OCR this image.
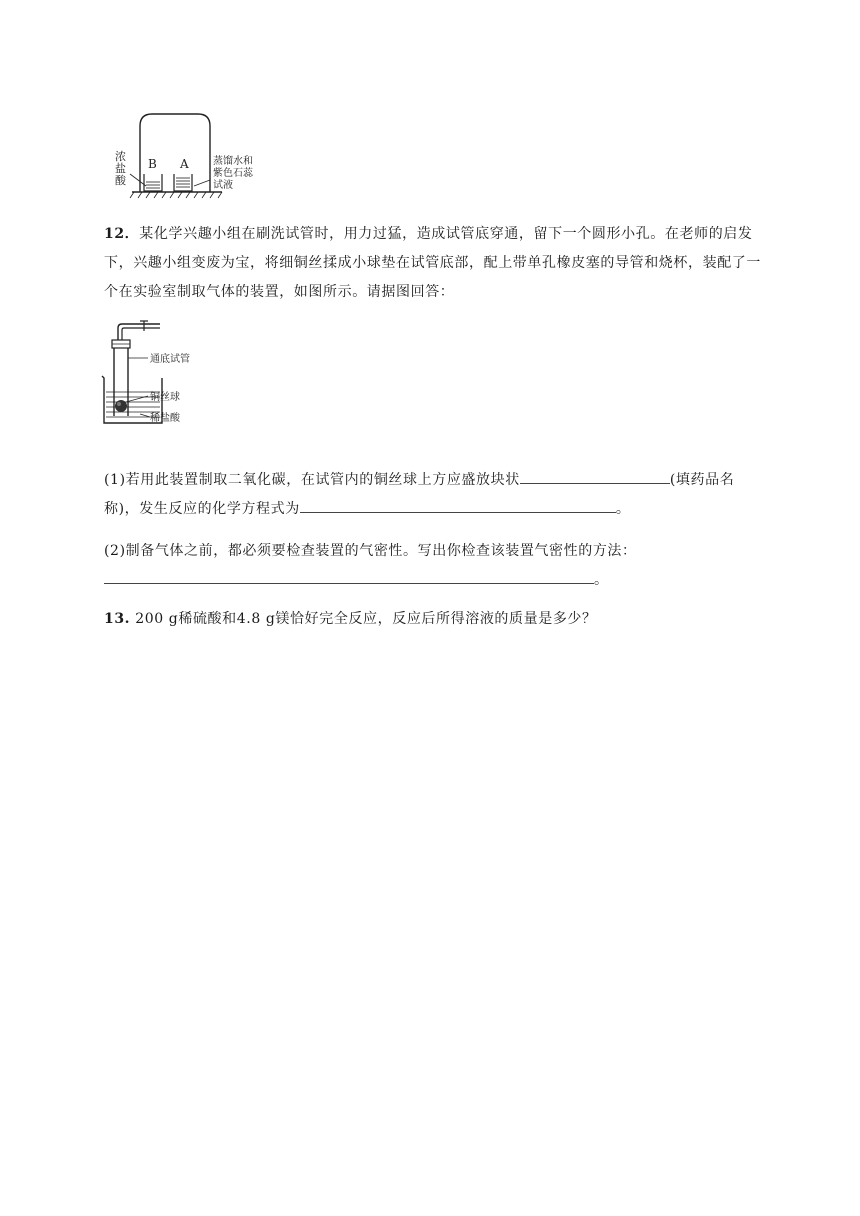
B A
浓
盐
酸
蒸馏水和
紫色石蕊
试液
12．某化学兴趣小组在刷洗试管时，用力过猛，造成试管底穿通，留下一个圆形小孔。在老师的启发下，兴趣小组变废为宝，将细铜丝揉成小球垫在试管底部，配上带单孔橡皮塞的导管和烧杯，装配了一个在实验室制取气体的装置，如图所示。请据图回答：
通底试管
铜丝球
稀盐酸
(1)若用此装置制取二氧化碳，在试管内的铜丝球上方应盛放块状	(填药品名称)，发生反应的化学方程式为	。
(2)制备气体之前，都必须要检查装置的气密性。写出你检查该装置气密性的方法：
。
13. 200 g稀硫酸和4.8 g镁恰好完全反应，反应后所得溶液的质量是多少？
